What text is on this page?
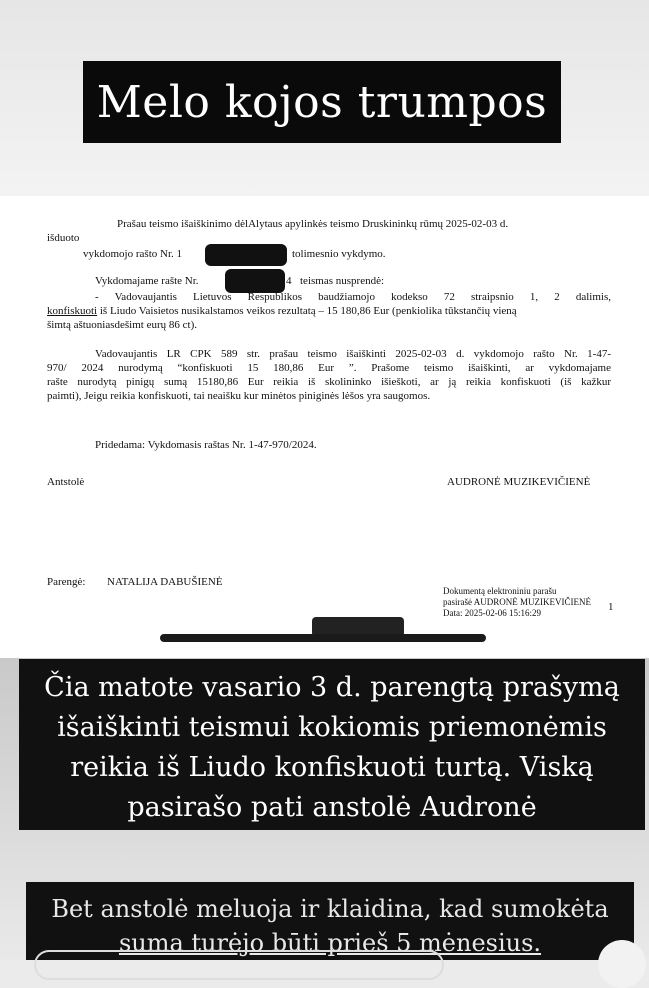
Melo kojos trumpos
Prašau teismo išaiškinimo dėlAlytaus apylinkės teismo Druskininkų rūmų 2025-02-03 d.
išduoto
vykdomojo rašto Nr. 1	tolimesnio vykdymo.
Vykdomajame rašte Nr.	4 teismas nusprendė:
- Vadovaujantis Lietuvos Respublikos baudžiamojo kodekso 72 straipsnio 1, 2 dalimis,
konfiskuoti iš Liudo Vaisietos nusikalstamos veikos rezultatą – 15 180,86 Eur (penkiolika tūkstančių vieną
šimtą aštuoniasdešimt eurų 86 ct).
Vadovaujantis LR CPK 589 str. prašau teismo išaiškinti 2025-02-03 d. vykdomojo rašto Nr. 1-47-
970/ 2024 nurodymą “konfiskuoti 15 180,86 Eur ”. Prašome teismo išaiškinti, ar vykdomajame
rašte nurodytą pinigų sumą 15180,86 Eur reikia iš skolininko išieškoti, ar ją reikia konfiskuoti (iš kažkur
paimti), Jeigu reikia konfiskuoti, tai neaišku kur minėtos piniginės lėšos yra saugomos.
Pridedama: Vykdomasis raštas Nr. 1-47-970/2024.
Antstolė	AUDRONĖ MUZIKEVIČIENĖ
Parengė: NATALIJA DABUŠIENĖ
Dokumentą elektroniniu parašu
pasirašė AUDRONĖ MUZIKEVIČIENĖ
Data: 2025-02-06 15:16:29	1
Čia matote vasario 3 d. parengtą prašymą
išaiškinti teismui kokiomis priemonėmis
reikia iš Liudo konfiskuoti turtą. Viską
pasirašo pati anstolė Audronė
Bet anstolė meluoja ir klaidina, kad sumokėta
suma turėjo būti prieš 5 mėnesius.
